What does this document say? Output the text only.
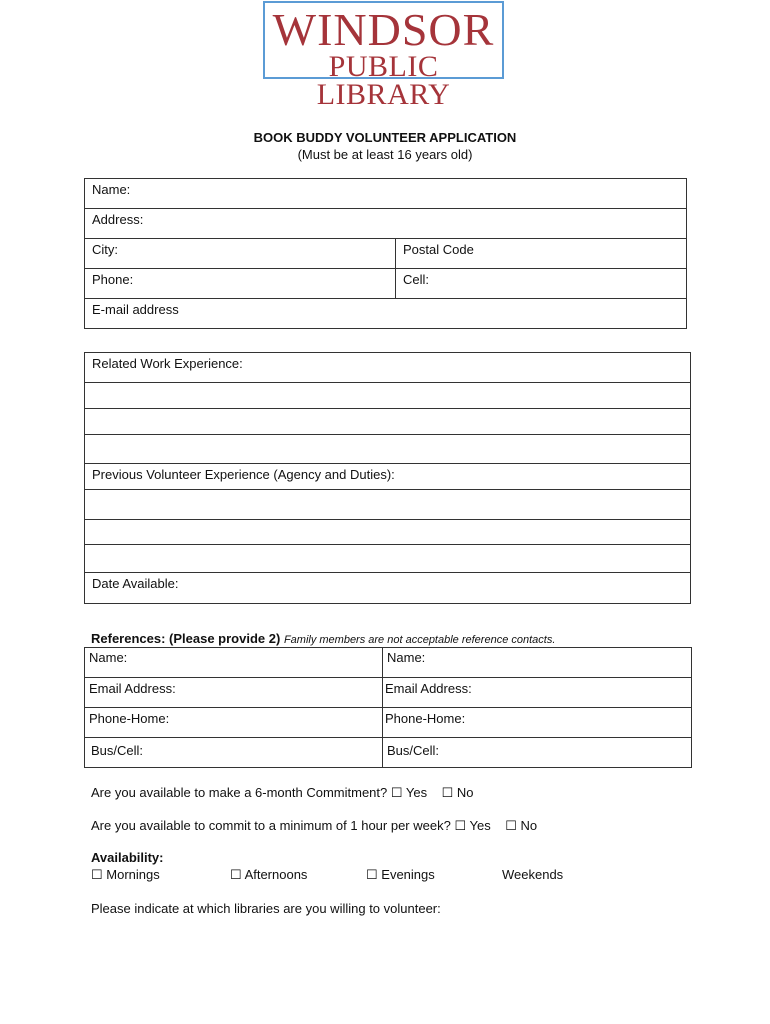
WINDSOR
PUBLIC LIBRARY
BOOK BUDDY VOLUNTEER APPLICATION
(Must be at least 16 years old)
Name:	
Address:	
City:	Postal Code
Phone:	Cell:
E-mail address	
Related Work Experience:

Previous Volunteer Experience (Agency and Duties):

Date Available:
References: (Please provide 2) Family members are not acceptable reference contacts.
Name:	Name:
Email Address:	Email Address:
Phone-Home:	Phone-Home:
Bus/Cell:	Bus/Cell:
Are you available to make a 6-month Commitment? ☐ Yes ☐ No
Are you available to commit to a minimum of 1 hour per week? ☐ Yes ☐ No
Availability:
☐ Mornings	☐ Afternoons	☐ Evenings	Weekends
Please indicate at which libraries are you willing to volunteer:
